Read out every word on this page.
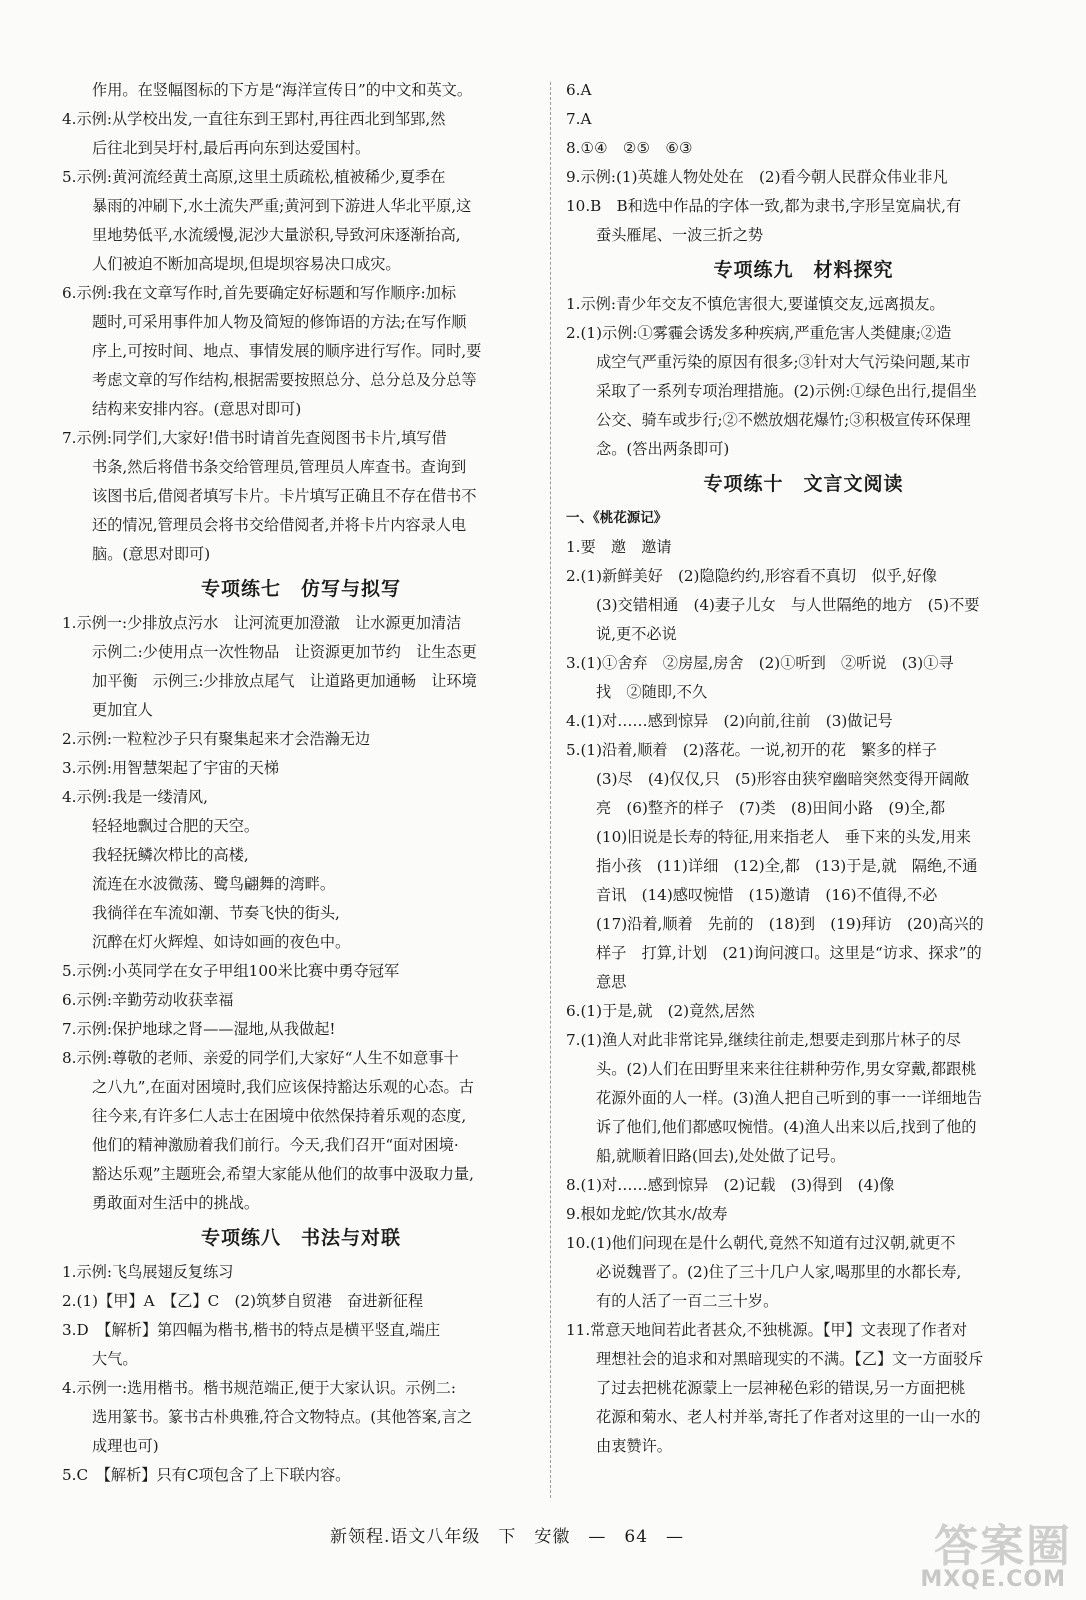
作用。在竖幅图标的下方是“海洋宣传日”的中文和英文。
4.示例:从学校出发,一直往东到王郢村,再往西北到邹郢,然
后往北到吴圩村,最后再向东到达爱国村。
5.示例:黄河流经黄土高原,这里土质疏松,植被稀少,夏季在
暴雨的冲刷下,水土流失严重;黄河到下游进人华北平原,这
里地势低平,水流缓慢,泥沙大量淤积,导致河床逐渐抬高,
人们被迫不断加高堤坝,但堤坝容易决口成灾。
6.示例:我在文章写作时,首先要确定好标题和写作顺序:加标
题时,可采用事件加人物及简短的修饰语的方法;在写作顺
序上,可按时间、地点、事情发展的顺序进行写作。同时,要
考虑文章的写作结构,根据需要按照总分、总分总及分总等
结构来安排内容。(意思对即可)
7.示例:同学们,大家好!借书时请首先查阅图书卡片,填写借
书条,然后将借书条交给管理员,管理员人库查书。查询到
该图书后,借阅者填写卡片。卡片填写正确且不存在借书不
还的情况,管理员会将书交给借阅者,并将卡片内容录人电
脑。(意思对即可)
专项练七　仿写与拟写
1.示例一:少排放点污水　让河流更加澄澈　让水源更加清洁
示例二:少使用点一次性物品　让资源更加节约　让生态更
加平衡　示例三:少排放点尾气　让道路更加通畅　让环境
更加宜人
2.示例:一粒粒沙子只有聚集起来才会浩瀚无边
3.示例:用智慧架起了宇宙的天梯
4.示例:我是一缕清风,
轻轻地飘过合肥的天空。
我轻抚鳞次栉比的高楼,
流连在水波微荡、鹭鸟翩舞的湾畔。
我徜徉在车流如潮、节奏飞快的街头,
沉醉在灯火辉煌、如诗如画的夜色中。
5.示例:小英同学在女子甲组100米比赛中勇夺冠军
6.示例:辛勤劳动收获幸福
7.示例:保护地球之肾——湿地,从我做起!
8.示例:尊敬的老师、亲爱的同学们,大家好“人生不如意事十
之八九”,在面对困境时,我们应该保持豁达乐观的心态。古
往今来,有许多仁人志士在困境中依然保持着乐观的态度,
他们的精神激励着我们前行。今天,我们召开“面对困境·
豁达乐观”主题班会,希望大家能从他们的故事中汲取力量,
勇敢面对生活中的挑战。
专项练八　书法与对联
1.示例:飞鸟展翅反复练习
2.(1)【甲】A　【乙】C　(2)筑梦自贸港　奋进新征程
3.D　【解析】第四幅为楷书,楷书的特点是横平竖直,端庄
大气。
4.示例一:选用楷书。楷书规范端正,便于大家认识。示例二:
选用篆书。篆书古朴典雅,符合文物特点。(其他答案,言之
成理也可)
5.C　【解析】只有C项包含了上下联内容。
6.A
7.A
8.①④　②⑤　⑥③
9.示例:(1)英雄人物处处在　(2)看今朝人民群众伟业非凡
10.B　B和选中作品的字体一致,都为隶书,字形呈宽扁状,有
蚕头雁尾、一波三折之势
专项练九　材料探究
1.示例:青少年交友不慎危害很大,要谨慎交友,远离损友。
2.(1)示例:①雾霾会诱发多种疾病,严重危害人类健康;②造
成空气严重污染的原因有很多;③针对大气污染问题,某市
采取了一系列专项治理措施。(2)示例:①绿色出行,提倡坐
公交、骑车或步行;②不燃放烟花爆竹;③积极宣传环保理
念。(答出两条即可)
专项练十　文言文阅读
一、《桃花源记》
1.要　邀　邀请
2.(1)新鲜美好　(2)隐隐约约,形容看不真切　似乎,好像
(3)交错相通　(4)妻子儿女　与人世隔绝的地方　(5)不要
说,更不必说
3.(1)①舍弃　②房屋,房舍　(2)①听到　②听说　(3)①寻
找　②随即,不久
4.(1)对……感到惊异　(2)向前,往前　(3)做记号
5.(1)沿着,顺着　(2)落花。一说,初开的花　繁多的样子
(3)尽　(4)仅仅,只　(5)形容由狭窄幽暗突然变得开阔敞
亮　(6)整齐的样子　(7)类　(8)田间小路　(9)全,都
(10)旧说是长寿的特征,用来指老人　垂下来的头发,用来
指小孩　(11)详细　(12)全,都　(13)于是,就　隔绝,不通
音讯　(14)感叹惋惜　(15)邀请　(16)不值得,不必
(17)沿着,顺着　先前的　(18)到　(19)拜访　(20)高兴的
样子　打算,计划　(21)询问渡口。这里是“访求、探求”的
意思
6.(1)于是,就　(2)竟然,居然
7.(1)渔人对此非常诧异,继续往前走,想要走到那片林子的尽
头。(2)人们在田野里来来往往耕种劳作,男女穿戴,都跟桃
花源外面的人一样。(3)渔人把自己听到的事一一详细地告
诉了他们,他们都感叹惋惜。(4)渔人出来以后,找到了他的
船,就顺着旧路(回去),处处做了记号。
8.(1)对……感到惊异　(2)记载　(3)得到　(4)像
9.根如龙蛇/饮其水/故寿
10.(1)他们问现在是什么朝代,竟然不知道有过汉朝,就更不
必说魏晋了。(2)住了三十几户人家,喝那里的水都长寿,
有的人活了一百二三十岁。
11.常意天地间若此者甚众,不独桃源。【甲】文表现了作者对
理想社会的追求和对黑暗现实的不满。【乙】文一方面驳斥
了过去把桃花源蒙上一层神秘色彩的错误,另一方面把桃
花源和菊水、老人村并举,寄托了作者对这里的一山一水的
由衷赞许。
新领程.语文八年级　下　安徽　—　64　—	答案圈
MXQE.COM
